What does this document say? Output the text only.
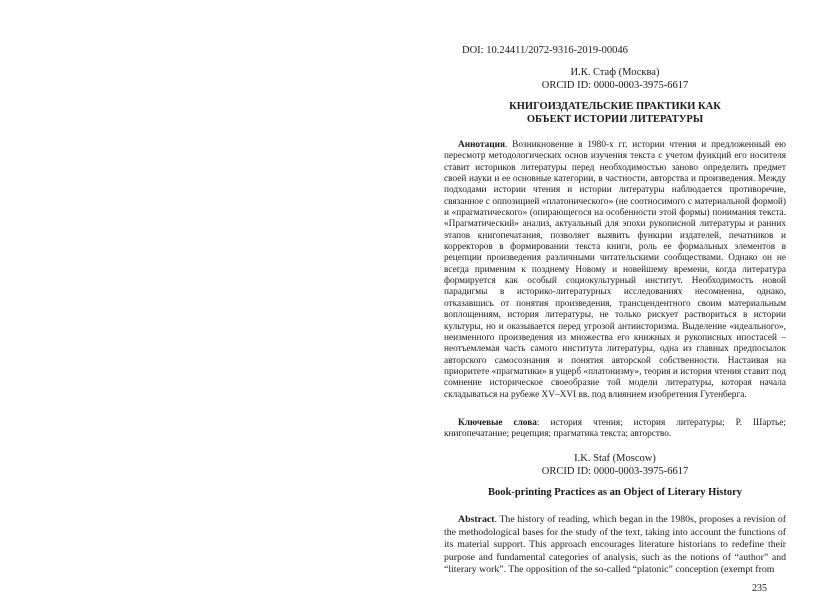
DOI: 10.24411/2072-9316-2019-00046
И.К. Стаф (Москва)
ORCID ID: 0000-0003-3975-6617
КНИГОИЗДАТЕЛЬСКИЕ ПРАКТИКИ КАК
ОБЪЕКТ ИСТОРИИ ЛИТЕРАТУРЫ

Аннотация. Возникновение в 1980-х гг. истории чтения и предложенный ею пересмотр методологических основ изучения текста с учетом функций его носителя ставит историков литературы перед необходимостью заново определить предмет своей науки и ее основные категории, в частности, авторства и произведения. Между подходами истории чтения и истории литературы наблюдается противоречие, связанное с оппозицией «платонического» (не соотносимого с материальной формой) и «прагматического» (опирающегося на особенности этой формы) понимания текста. «Прагматический» анализ, актуальный для эпохи рукописной литературы и ранних этапов книгопечатания, позволяет выявить функции издателей, печатников и корректоров в формировании текста книги, роль ее формальных элементов в рецепции произведения различными читательскими сообществами. Однако он не всегда применим к позднему Новому и новейшему времени, когда литература формируется как особый социокультурный институт. Необходимость новой парадигмы в историко-литературных исследованиях несомненна, однако, отказавшись от понятия произведения, трансцендентного своим материальным воплощениям, история литературы, не только рискует раствориться в истории культуры, но и оказывается перед угрозой антиисторизма. Выделение «идеального», неизменного произведения из множества его книжных и рукописных ипостасей – неотъемлемая часть самого института литературы, одна из главных предпосылок авторского самосознания и понятия авторской собственности. Настаивая на приоритете «прагматики» в ущерб «платонизму», теория и история чтения ставит под сомнение историческое своеобразие той модели литературы, которая начала складываться на рубеже XV–XVI вв. под влиянием изобретения Гутенберга.

Ключевые слова: история чтения; история литературы; Р. Шартье; книгопечатание; рецепция; прагматика текста; авторство.

I.K. Staf (Moscow)
ORCID ID: 0000-0003-3975-6617
Book-printing Practices as an Object of Literary History

Abstract. The history of reading, which began in the 1980s, proposes a revision of the methodological bases for the study of the text, taking into account the functions of its material support. This approach encourages literature historians to redefine their purpose and fundamental categories of analysis, such as the notions of “author” and “literary work”. The opposition of the so-called “platonic” conception (exempt from

235
